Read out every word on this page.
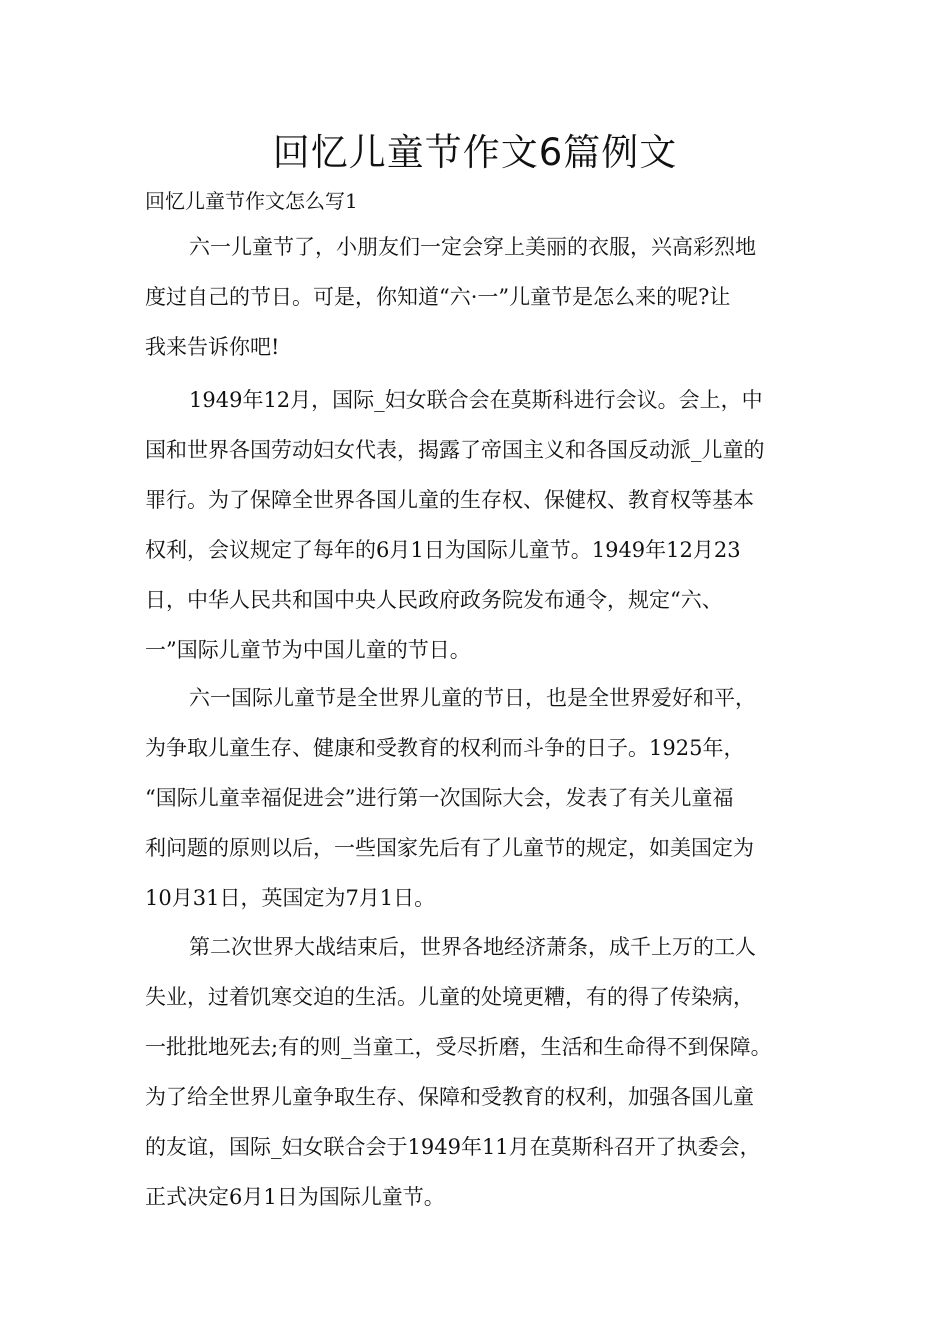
回忆儿童节作文6篇例文

回忆儿童节作文怎么写1

六一儿童节了，小朋友们一定会穿上美丽的衣服，兴高彩烈地
度过自己的节日。可是，你知道“六·一”儿童节是怎么来的呢?让
我来告诉你吧!
1949年12月，国际_妇女联合会在莫斯科进行会议。会上，中
国和世界各国劳动妇女代表，揭露了帝国主义和各国反动派_儿童的
罪行。为了保障全世界各国儿童的生存权、保健权、教育权等基本
权利，会议规定了每年的6月1日为国际儿童节。1949年12月23
日，中华人民共和国中央人民政府政务院发布通令，规定“六、
一”国际儿童节为中国儿童的节日。
六一国际儿童节是全世界儿童的节日，也是全世界爱好和平，
为争取儿童生存、健康和受教育的权利而斗争的日子。1925年，
“国际儿童幸福促进会”进行第一次国际大会，发表了有关儿童福
利问题的原则以后，一些国家先后有了儿童节的规定，如美国定为
10月31日，英国定为7月1日。
第二次世界大战结束后，世界各地经济萧条，成千上万的工人
失业，过着饥寒交迫的生活。儿童的处境更糟，有的得了传染病，
一批批地死去;有的则_当童工，受尽折磨，生活和生命得不到保障。
为了给全世界儿童争取生存、保障和受教育的权利，加强各国儿童
的友谊，国际_妇女联合会于1949年11月在莫斯科召开了执委会，
正式决定6月1日为国际儿童节。
